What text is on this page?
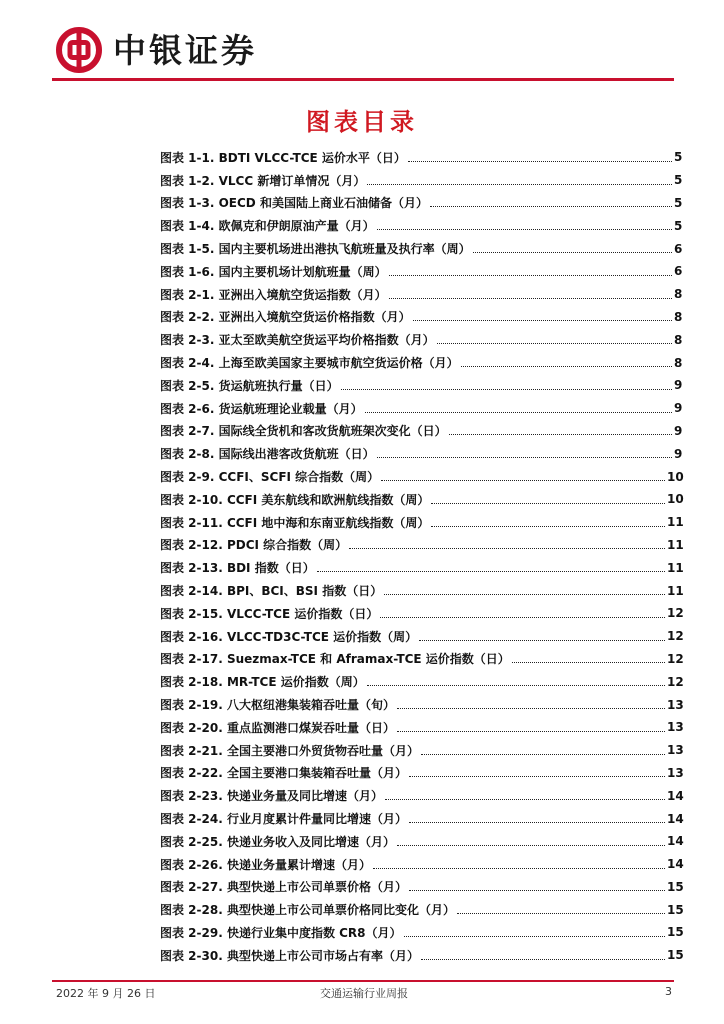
中银证券
图表目录
图表 1-1. BDTI VLCC-TCE 运价水平（日）	5
图表 1-2. VLCC 新增订单情况（月）	5
图表 1-3. OECD 和美国陆上商业石油储备（月）	5
图表 1-4. 欧佩克和伊朗原油产量（月）	5
图表 1-5. 国内主要机场进出港执飞航班量及执行率（周）	6
图表 1-6. 国内主要机场计划航班量（周）	6
图表 2-1. 亚洲出入境航空货运指数（月）	8
图表 2-2. 亚洲出入境航空货运价格指数（月）	8
图表 2-3. 亚太至欧美航空货运平均价格指数（月）	8
图表 2-4. 上海至欧美国家主要城市航空货运价格（月）	8
图表 2-5. 货运航班执行量（日）	9
图表 2-6. 货运航班理论业载量（月）	9
图表 2-7. 国际线全货机和客改货航班架次变化（日）	9
图表 2-8. 国际线出港客改货航班（日）	9
图表 2-9. CCFI、SCFI 综合指数（周）	10
图表 2-10. CCFI 美东航线和欧洲航线指数（周）	10
图表 2-11. CCFI 地中海和东南亚航线指数（周）	11
图表 2-12. PDCI 综合指数（周）	11
图表 2-13. BDI 指数（日）	11
图表 2-14. BPI、BCI、BSI 指数（日）	11
图表 2-15. VLCC-TCE 运价指数（日）	12
图表 2-16. VLCC-TD3C-TCE 运价指数（周）	12
图表 2-17. Suezmax-TCE 和 Aframax-TCE 运价指数（日）	12
图表 2-18. MR-TCE 运价指数（周）	12
图表 2-19. 八大枢纽港集装箱吞吐量（旬）	13
图表 2-20. 重点监测港口煤炭吞吐量（日）	13
图表 2-21. 全国主要港口外贸货物吞吐量（月）	13
图表 2-22. 全国主要港口集装箱吞吐量（月）	13
图表 2-23. 快递业务量及同比增速（月）	14
图表 2-24. 行业月度累计件量同比增速（月）	14
图表 2-25. 快递业务收入及同比增速（月）	14
图表 2-26. 快递业务量累计增速（月）	14
图表 2-27. 典型快递上市公司单票价格（月）	15
图表 2-28. 典型快递上市公司单票价格同比变化（月）	15
图表 2-29. 快递行业集中度指数 CR8（月）	15
图表 2-30. 典型快递上市公司市场占有率（月）	15
2022 年 9 月 26 日	交通运输行业周报	3
